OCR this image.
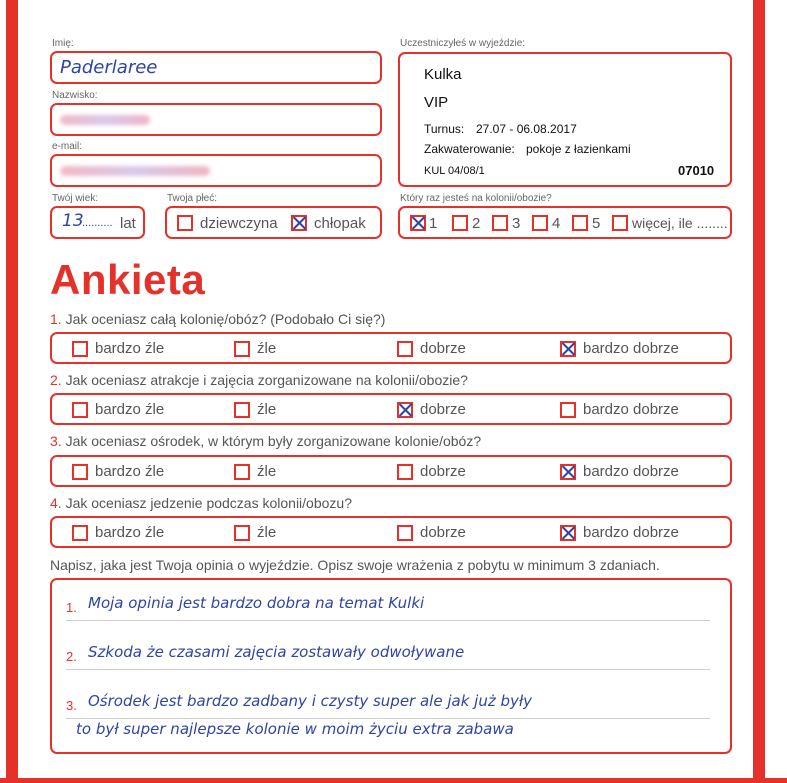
Imię:
Paderlaree
Nazwisko:
e-mail:
Twój wiek:
13
.......... lat
Twoja płeć:
dziewczyna chłopak
Uczestniczyłeś w wyjeździe:
Kulka
VIP
Turnus: 27.07 - 06.08.2017
Zakwaterowanie: pokoje z łazienkami
KUL 04/08/1	07010
Który raz jesteś na kolonii/obozie?
1 2 3 4 5 więcej, ile ........
Ankieta
1. Jak oceniasz całą kolonię/obóz? (Podobało Ci się?)
bardzo źle	źle	dobrze	bardzo dobrze
2. Jak oceniasz atrakcje i zajęcia zorganizowane na kolonii/obozie?
bardzo źle	źle	dobrze	bardzo dobrze
3. Jak oceniasz ośrodek, w którym były zorganizowane kolonie/obóz?
bardzo źle	źle	dobrze	bardzo dobrze
4. Jak oceniasz jedzenie podczas kolonii/obozu?
bardzo źle	źle	dobrze	bardzo dobrze
Napisz, jaka jest Twoja opinia o wyjeździe. Opisz swoje wrażenia z pobytu w minimum 3 zdaniach.
1. Moja opinia jest bardzo dobra na temat Kulki
2. Szkoda że czasami zajęcia zostawały odwoływane
3. Ośrodek jest bardzo zadbany i czysty super ale jak już były
to był super najlepsze kolonie w moim życiu extra zabawa
